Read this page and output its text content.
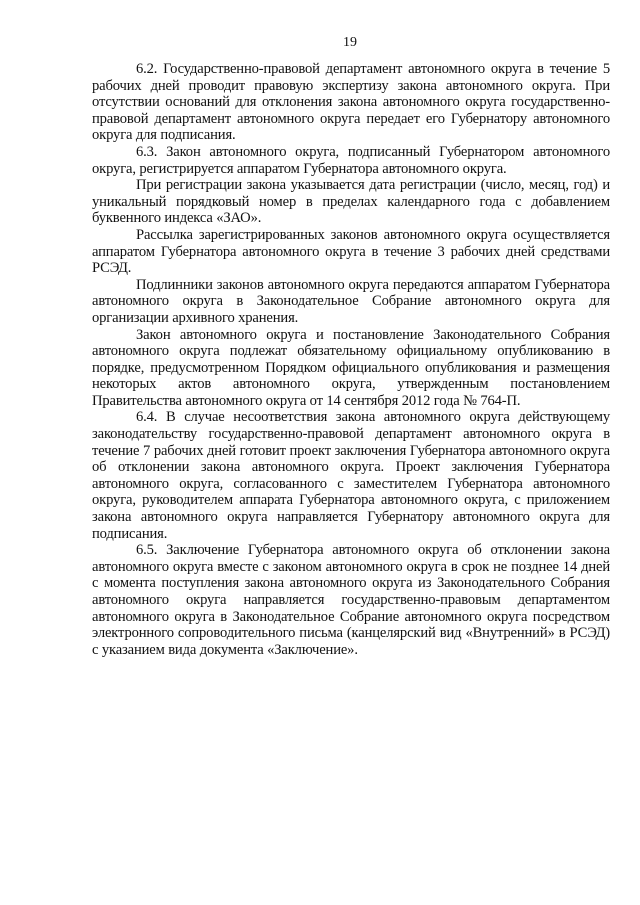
19

6.2. Государственно-правовой департамент автономного округа в течение 5 рабочих дней проводит правовую экспертизу закона автономного округа. При отсутствии оснований для отклонения закона автономного округа государственно-правовой департамент автономного округа передает его Губернатору автономного округа для подписания.

6.3. Закон автономного округа, подписанный Губернатором автономного округа, регистрируется аппаратом Губернатора автономного округа.

При регистрации закона указывается дата регистрации (число, месяц, год) и уникальный порядковый номер в пределах календарного года с добавлением буквенного индекса «ЗАО».

Рассылка зарегистрированных законов автономного округа осуществляется аппаратом Губернатора автономного округа в течение 3 рабочих дней средствами РСЭД.

Подлинники законов автономного округа передаются аппаратом Губернатора автономного округа в Законодательное Собрание автономного округа для организации архивного хранения.

Закон автономного округа и постановление Законодательного Собрания автономного округа подлежат обязательному официальному опубликованию в порядке, предусмотренном Порядком официального опубликования и размещения некоторых актов автономного округа, утвержденным постановлением Правительства автономного округа от 14 сентября 2012 года № 764-П.

6.4. В случае несоответствия закона автономного округа действующему законодательству государственно-правовой департамент автономного округа в течение 7 рабочих дней готовит проект заключения Губернатора автономного округа об отклонении закона автономного округа. Проект заключения Губернатора автономного округа, согласованного с заместителем Губернатора автономного округа, руководителем аппарата Губернатора автономного округа, с приложением закона автономного округа направляется Губернатору автономного округа для подписания.

6.5. Заключение Губернатора автономного округа об отклонении закона автономного округа вместе с законом автономного округа в срок не позднее 14 дней с момента поступления закона автономного округа из Законодательного Собрания автономного округа направляется государственно-правовым департаментом автономного округа в Законодательное Собрание автономного округа посредством электронного сопроводительного письма (канцелярский вид «Внутренний» в РСЭД) с указанием вида документа «Заключение».
